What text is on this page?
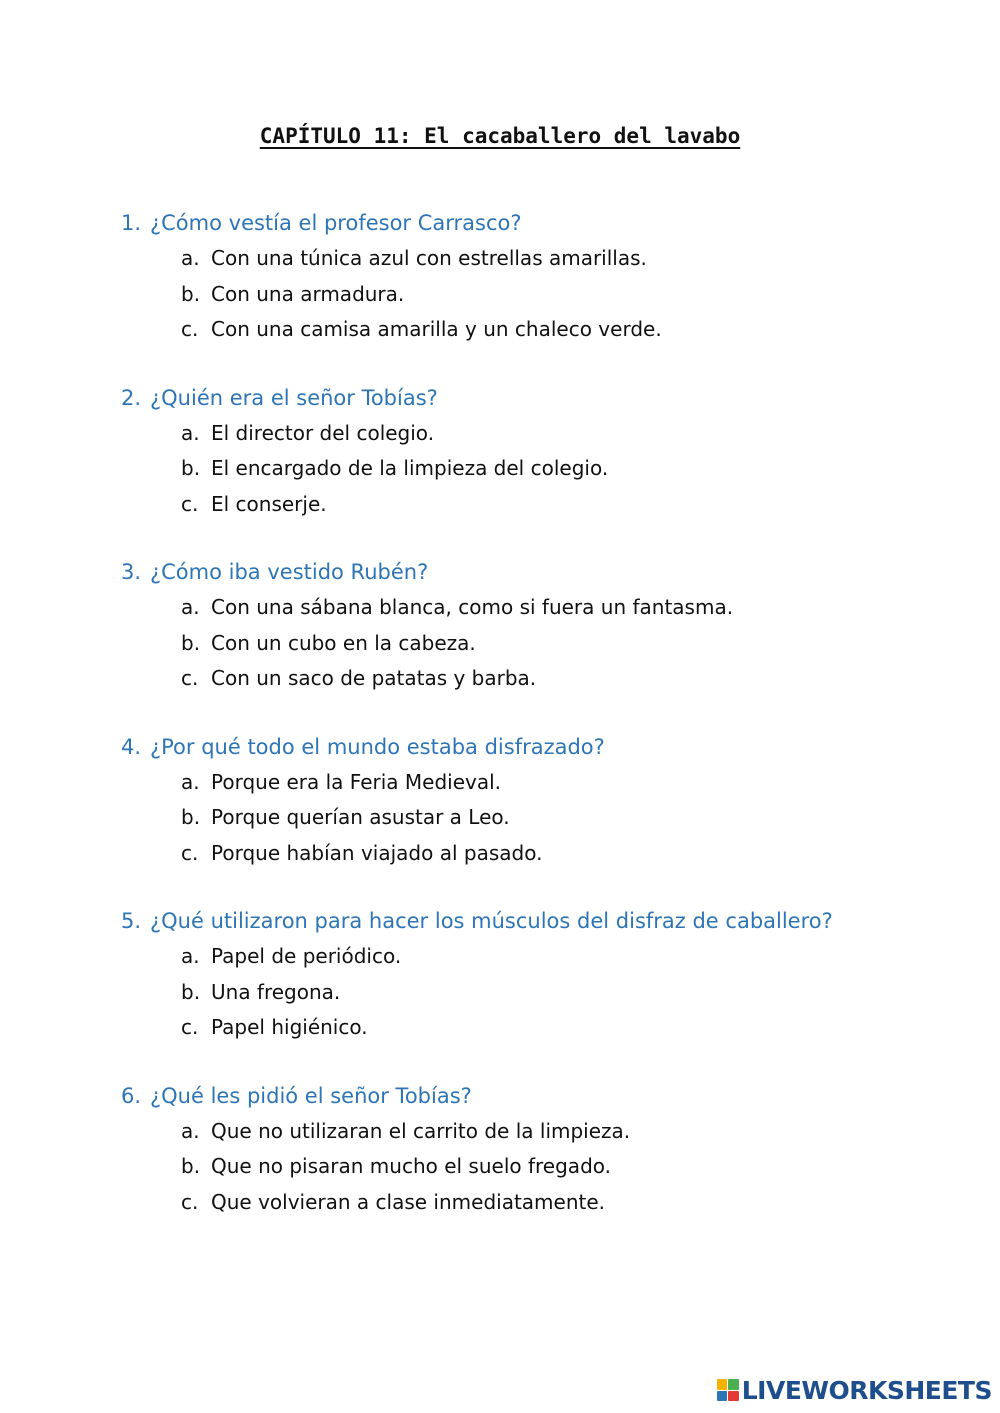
CAPÍTULO 11: El cacaballero del lavabo
1. ¿Cómo vestía el profesor Carrasco?
a. Con una túnica azul con estrellas amarillas.
b. Con una armadura.
c. Con una camisa amarilla y un chaleco verde.
2. ¿Quién era el señor Tobías?
a. El director del colegio.
b. El encargado de la limpieza del colegio.
c. El conserje.
3. ¿Cómo iba vestido Rubén?
a. Con una sábana blanca, como si fuera un fantasma.
b. Con un cubo en la cabeza.
c. Con un saco de patatas y barba.
4. ¿Por qué todo el mundo estaba disfrazado?
a. Porque era la Feria Medieval.
b. Porque querían asustar a Leo.
c. Porque habían viajado al pasado.
5. ¿Qué utilizaron para hacer los músculos del disfraz de caballero?
a. Papel de periódico.
b. Una fregona.
c. Papel higiénico.
6. ¿Qué les pidió el señor Tobías?
a. Que no utilizaran el carrito de la limpieza.
b. Que no pisaran mucho el suelo fregado.
c. Que volvieran a clase inmediatamente.
LIVEWORKSHEETS
